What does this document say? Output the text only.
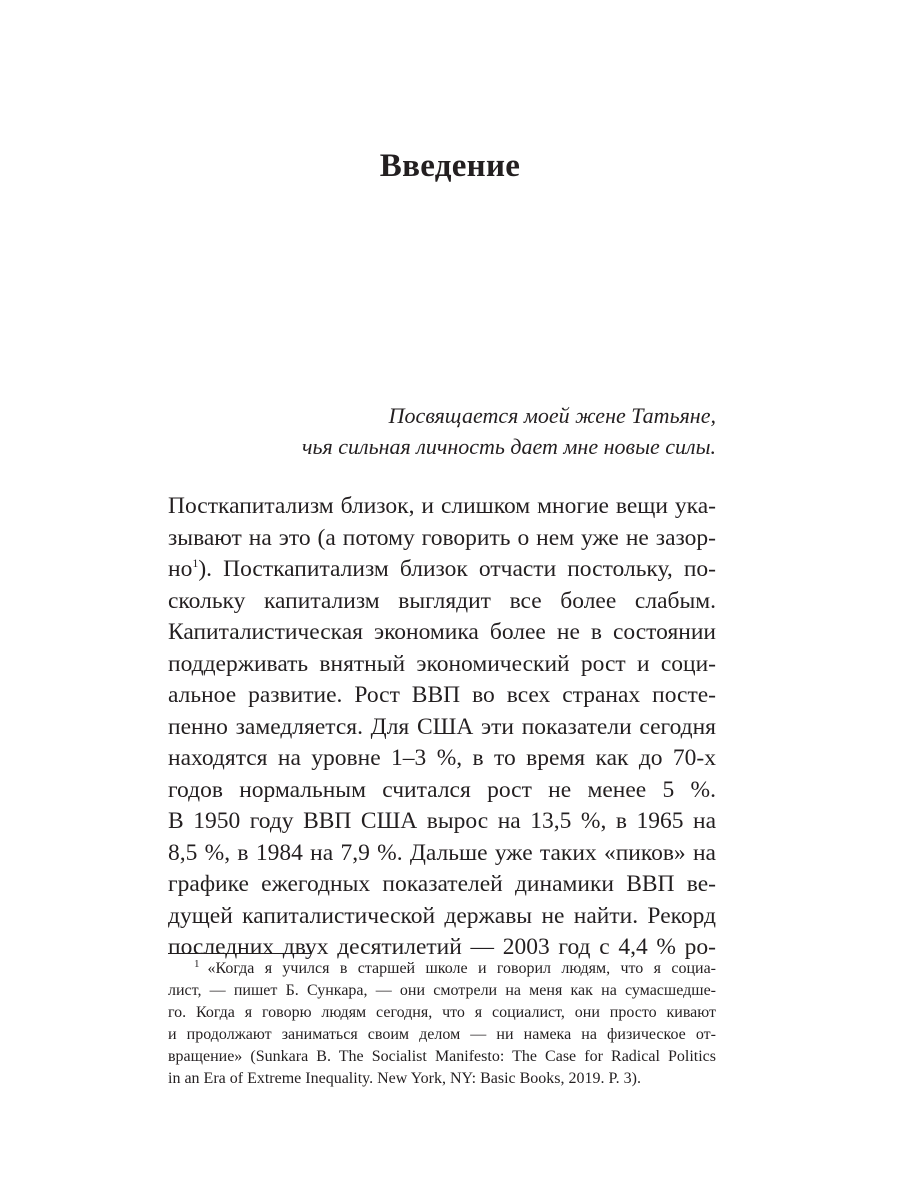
Введение
Посвящается моей жене Татьяне,
чья сильная личность дает мне новые силы.
Посткапитализм близок, и слишком многие вещи ука-
зывают на это (а потому говорить о нем уже не зазор-
$но^1$). Посткапитализм близок отчасти постольку, по-
скольку капитализм выглядит все более слабым.
Капиталистическая экономика более не в состоянии
поддерживать внятный экономический рост и соци-
альное развитие. Рост ВВП во всех странах посте-
пенно замедляется. Для США эти показатели сегодня
находятся на уровне 1–3 %, в то время как до 70-х
годов нормальным считался рост не менее 5 %.
В 1950 году ВВП США вырос на 13,5 %, в 1965 на
8,5 %, в 1984 на 7,9 %. Дальше уже таких «пиков» на
графике ежегодных показателей динамики ВВП ве-
дущей капиталистической державы не найти. Рекорд
последних двух десятилетий — 2003 год с 4,4 % ро-
$^1$ «Когда я учился в старшей школе и говорил людям, что я социа-
лист, — пишет Б. Сункара, — они смотрели на меня как на сумасшедше-
го. Когда я говорю людям сегодня, что я социалист, они просто кивают
и продолжают заниматься своим делом — ни намека на физическое от-
вращение» (Sunkara B. The Socialist Manifesto: The Case for Radical Politics
in an Era of Extreme Inequality. New York, NY: Basic Books, 2019. P. 3).
